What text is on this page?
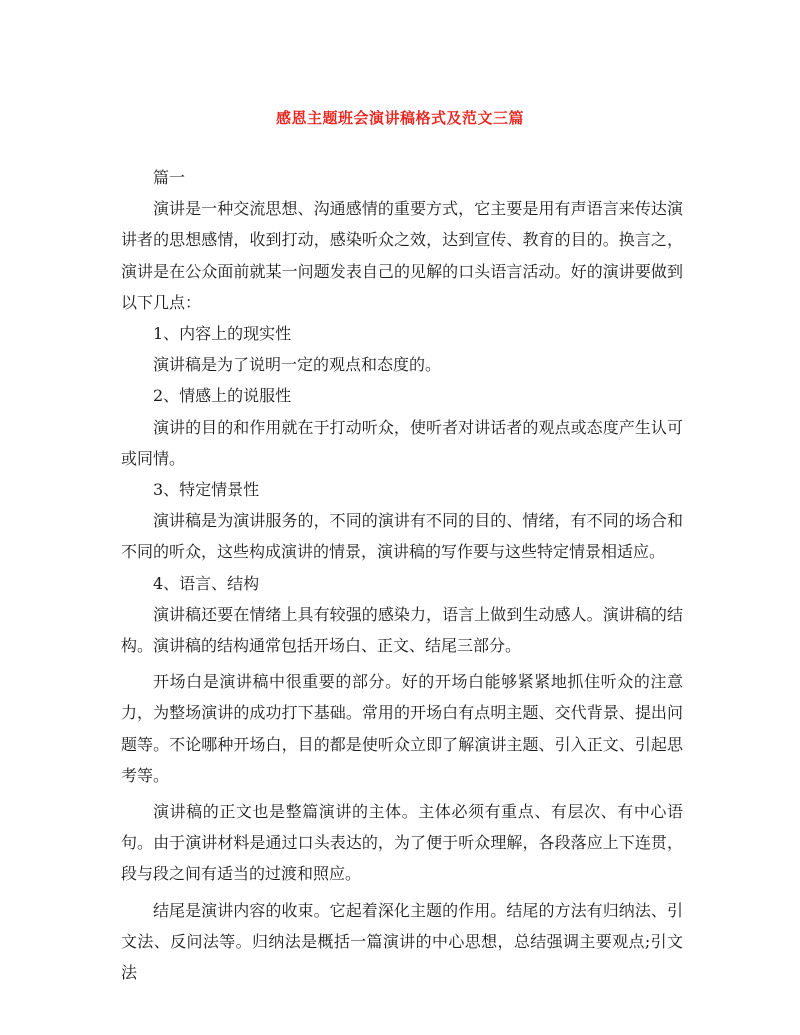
感恩主题班会演讲稿格式及范文三篇

篇一

演讲是一种交流思想、沟通感情的重要方式，它主要是用有声语言来传达演讲者的思想感情，收到打动，感染听众之效，达到宣传、教育的目的。换言之，演讲是在公众面前就某一问题发表自己的见解的口头语言活动。好的演讲要做到以下几点：

1、内容上的现实性

演讲稿是为了说明一定的观点和态度的。

2、情感上的说服性

演讲的目的和作用就在于打动听众，使听者对讲话者的观点或态度产生认可或同情。

3、特定情景性

演讲稿是为演讲服务的，不同的演讲有不同的目的、情绪，有不同的场合和不同的听众，这些构成演讲的情景，演讲稿的写作要与这些特定情景相适应。

4、语言、结构

演讲稿还要在情绪上具有较强的感染力，语言上做到生动感人。演讲稿的结构。演讲稿的结构通常包括开场白、正文、结尾三部分。

开场白是演讲稿中很重要的部分。好的开场白能够紧紧地抓住听众的注意力，为整场演讲的成功打下基础。常用的开场白有点明主题、交代背景、提出问题等。不论哪种开场白，目的都是使听众立即了解演讲主题、引入正文、引起思考等。

演讲稿的正文也是整篇演讲的主体。主体必须有重点、有层次、有中心语句。由于演讲材料是通过口头表达的，为了便于听众理解，各段落应上下连贯，段与段之间有适当的过渡和照应。

结尾是演讲内容的收束。它起着深化主题的作用。结尾的方法有归纳法、引文法、反问法等。归纳法是概括一篇演讲的中心思想，总结强调主要观点;引文法
